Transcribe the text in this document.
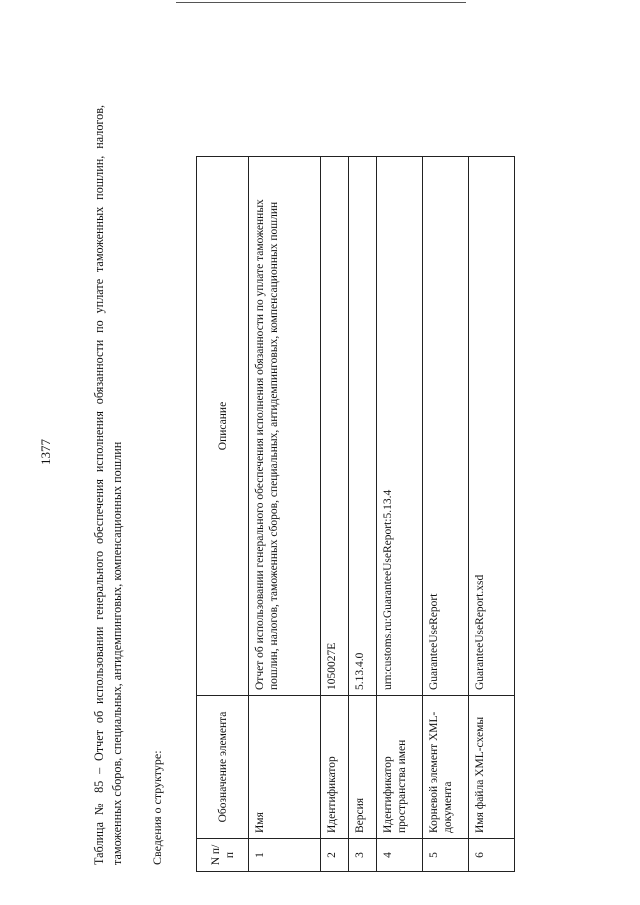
1377	Таблица № 85 – Отчет об использовании генерального обеспечения исполнения обязанности по уплате таможенных пошлин, налогов, таможенных сборов, специальных, антидемпинговых, компенсационных пошлин Сведения о структуре:	N п/п	Обозначение элемента	Описание
1	Имя	Отчет об использовании генерального обеспечения исполнения обязанности по уплате таможенных пошлин, налогов, таможенных сборов, специальных, антидемпинговых, компенсационных пошлин
2	Идентификатор	1050027E
3	Версия	5.13.4.0
4	Идентификатор пространства имен	urn:customs.ru:GuaranteeUseReport:5.13.4
5	Корневой элемент XML-документа	GuaranteeUseReport
6	Имя файла XML-схемы	GuaranteeUseReport.xsd
